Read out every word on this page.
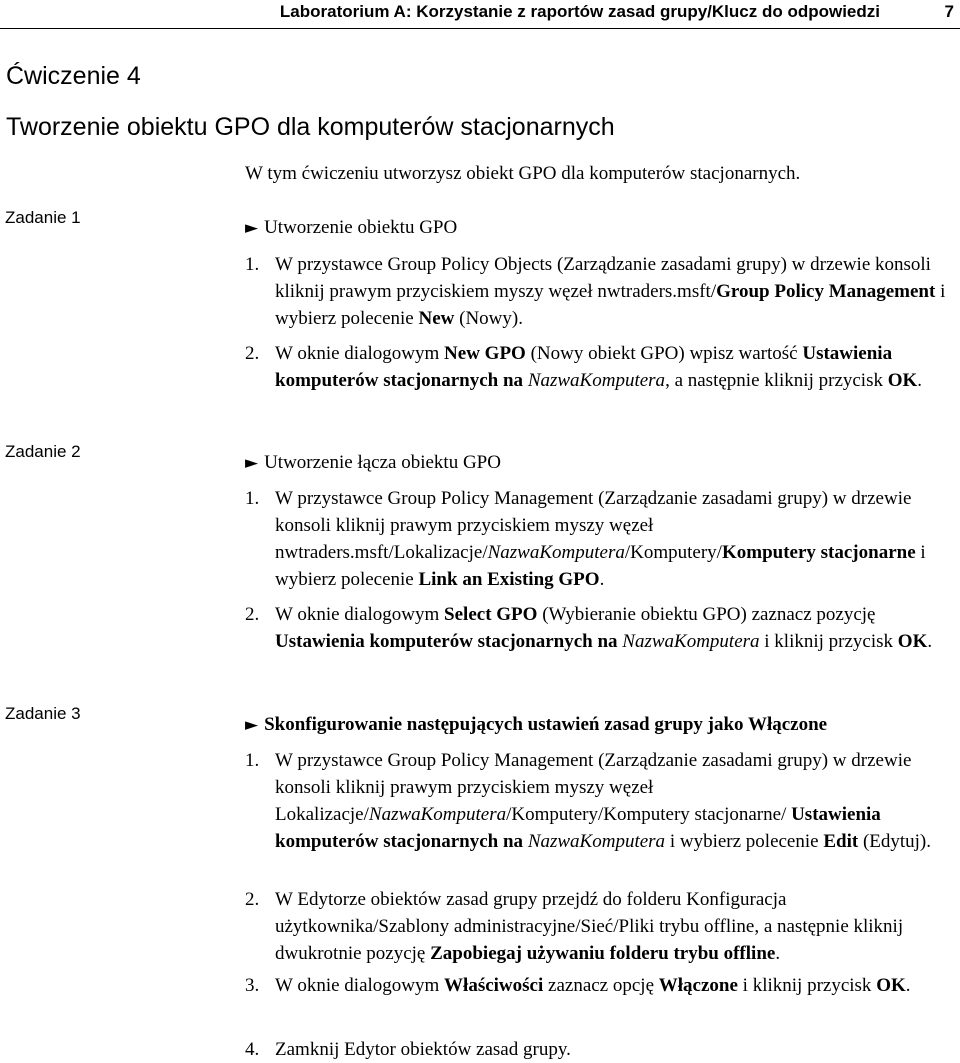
Laboratorium A: Korzystanie z raportów zasad grupy/Klucz do odpowiedzi	7
Ćwiczenie 4
Tworzenie obiektu GPO dla komputerów stacjonarnych
W tym ćwiczeniu utworzysz obiekt GPO dla komputerów stacjonarnych.
Zadanie 1
► Utworzenie obiektu GPO
1. W przystawce Group Policy Objects (Zarządzanie zasadami grupy) w drzewie konsoli kliknij prawym przyciskiem myszy węzeł nwtraders.msft/Group Policy Management i wybierz polecenie New (Nowy).
2. W oknie dialogowym New GPO (Nowy obiekt GPO) wpisz wartość Ustawienia komputerów stacjonarnych na NazwaKomputera, a następnie kliknij przycisk OK.
Zadanie 2
► Utworzenie łącza obiektu GPO
1. W przystawce Group Policy Management (Zarządzanie zasadami grupy) w drzewie konsoli kliknij prawym przyciskiem myszy węzeł nwtraders.msft/Lokalizacje/NazwaKomputera/Komputery/Komputery stacjonarne i wybierz polecenie Link an Existing GPO.
2. W oknie dialogowym Select GPO (Wybieranie obiektu GPO) zaznacz pozycję Ustawienia komputerów stacjonarnych na NazwaKomputera i kliknij przycisk OK.
Zadanie 3
► Skonfigurowanie następujących ustawień zasad grupy jako Włączone
1. W przystawce Group Policy Management (Zarządzanie zasadami grupy) w drzewie konsoli kliknij prawym przyciskiem myszy węzeł Lokalizacje/NazwaKomputera/Komputery/Komputery stacjonarne/ Ustawienia komputerów stacjonarnych na NazwaKomputera i wybierz polecenie Edit (Edytuj).
2. W Edytorze obiektów zasad grupy przejdź do folderu Konfiguracja użytkownika/Szablony administracyjne/Sieć/Pliki trybu offline, a następnie kliknij dwukrotnie pozycję Zapobiegaj używaniu folderu trybu offline.
3. W oknie dialogowym Właściwości zaznacz opcję Włączone i kliknij przycisk OK.
4. Zamknij Edytor obiektów zasad grupy.
